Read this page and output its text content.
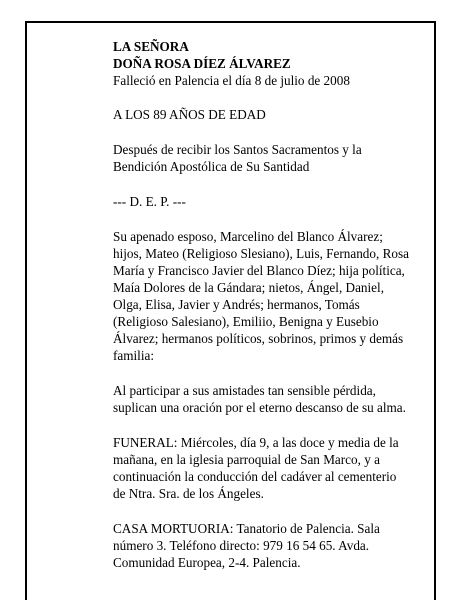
LA SEÑORA
DOÑA ROSA DÍEZ ÁLVAREZ
Falleció en Palencia el día 8 de julio de 2008
A LOS 89 AÑOS DE EDAD
Después de recibir los Santos Sacramentos y la
Bendición Apostólica de Su Santidad
--- D. E. P. ---
Su apenado esposo, Marcelino del Blanco Álvarez;
hijos, Mateo (Religioso Slesiano), Luis, Fernando, Rosa
María y Francisco Javier del Blanco Díez; hija política,
Maía Dolores de la Gándara; nietos, Ángel, Daniel,
Olga, Elisa, Javier y Andrés; hermanos, Tomás
(Religioso Salesiano), Emiliio, Benigna y Eusebio
Álvarez; hermanos políticos, sobrinos, primos y demás
familia:
Al participar a sus amistades tan sensible pérdida,
suplican una oración por el eterno descanso de su alma.
FUNERAL: Miércoles, día 9, a las doce y media de la
mañana, en la iglesia parroquial de San Marco, y a
continuación la conducción del cadáver al cementerio
de Ntra. Sra. de los Ángeles.
CASA MORTUORIA: Tanatorio de Palencia. Sala
número 3. Teléfono directo: 979 16 54 65. Avda.
Comunidad Europea, 2-4. Palencia.
